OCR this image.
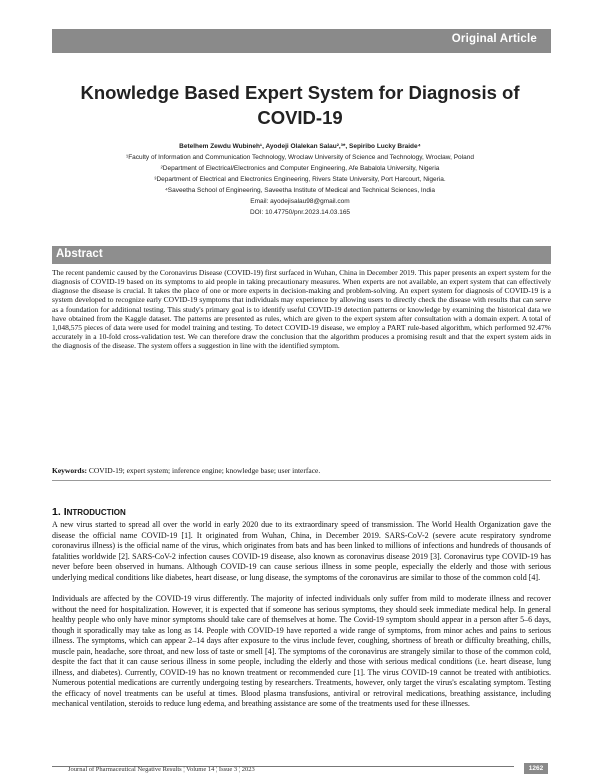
Original Article
Knowledge Based Expert System for Diagnosis of COVID-19
Betelhem Zewdu Wubineh¹, Ayodeji Olalekan Salau²,³*, Sepiribo Lucky Braide⁴
¹Faculty of Information and Communication Technology, Wroclaw University of Science and Technology, Wroclaw, Poland
²Department of Electrical/Electronics and Computer Engineering, Afe Babalola University, Nigeria
³Department of Electrical and Electronics Engineering, Rivers State University, Port Harcourt, Nigeria.
⁴Saveetha School of Engineering, Saveetha Institute of Medical and Technical Sciences, India
Email: ayodejisalau98@gmail.com
DOI: 10.47750/pnr.2023.14.03.165
Abstract
The recent pandemic caused by the Coronavirus Disease (COVID-19) first surfaced in Wuhan, China in December 2019. This paper presents an expert system for the diagnosis of COVID-19 based on its symptoms to aid people in taking precautionary measures. When experts are not available, an expert system that can effectively diagnose the disease is crucial. It takes the place of one or more experts in decision-making and problem-solving. An expert system for diagnosis of COVID-19 is a system developed to recognize early COVID-19 symptoms that individuals may experience by allowing users to directly check the disease with results that can serve as a foundation for additional testing. This study's primary goal is to identify useful COVID-19 detection patterns or knowledge by examining the historical data we have obtained from the Kaggle dataset. The patterns are presented as rules, which are given to the expert system after consultation with a domain expert. A total of 1,048,575 pieces of data were used for model training and testing. To detect COVID-19 disease, we employ a PART rule-based algorithm, which performed 92.47% accurately in a 10-fold cross-validation test. We can therefore draw the conclusion that the algorithm produces a promising result and that the expert system aids in the diagnosis of the disease. The system offers a suggestion in line with the identified symptom.
Keywords: COVID-19; expert system; inference engine; knowledge base; user interface.
1. INTRODUCTION
A new virus started to spread all over the world in early 2020 due to its extraordinary speed of transmission. The World Health Organization gave the disease the official name COVID-19 [1]. It originated from Wuhan, China, in December 2019. SARS-CoV-2 (severe acute respiratory syndrome coronavirus illness) is the official name of the virus, which originates from bats and has been linked to millions of infections and hundreds of thousands of fatalities worldwide [2]. SARS-CoV-2 infection causes COVID-19 disease, also known as coronavirus disease 2019 [3]. Coronavirus type COVID-19 has never before been observed in humans. Although COVID-19 can cause serious illness in some people, especially the elderly and those with serious underlying medical conditions like diabetes, heart disease, or lung disease, the symptoms of the coronavirus are similar to those of the common cold [4].
Individuals are affected by the COVID-19 virus differently. The majority of infected individuals only suffer from mild to moderate illness and recover without the need for hospitalization. However, it is expected that if someone has serious symptoms, they should seek immediate medical help. In general healthy people who only have minor symptoms should take care of themselves at home. The Covid-19 symptom should appear in a person after 5–6 days, though it sporadically may take as long as 14. People with COVID-19 have reported a wide range of symptoms, from minor aches and pains to serious illness. The symptoms, which can appear 2–14 days after exposure to the virus include fever, coughing, shortness of breath or difficulty breathing, chills, muscle pain, headache, sore throat, and new loss of taste or smell [4]. The symptoms of the coronavirus are strangely similar to those of the common cold, despite the fact that it can cause serious illness in some people, including the elderly and those with serious medical conditions (i.e. heart disease, lung illness, and diabetes). Currently, COVID-19 has no known treatment or recommended cure [1]. The virus COVID-19 cannot be treated with antibiotics. Numerous potential medications are currently undergoing testing by researchers. Treatments, however, only target the virus's escalating symptom. Testing the efficacy of novel treatments can be useful at times. Blood plasma transfusions, antiviral or retroviral medications, breathing assistance, including mechanical ventilation, steroids to reduce lung edema, and breathing assistance are some of the treatments used for these illnesses.
Journal of Pharmaceutical Negative Results ¦ Volume 14 ¦ Issue 3 ¦ 2023	1262
